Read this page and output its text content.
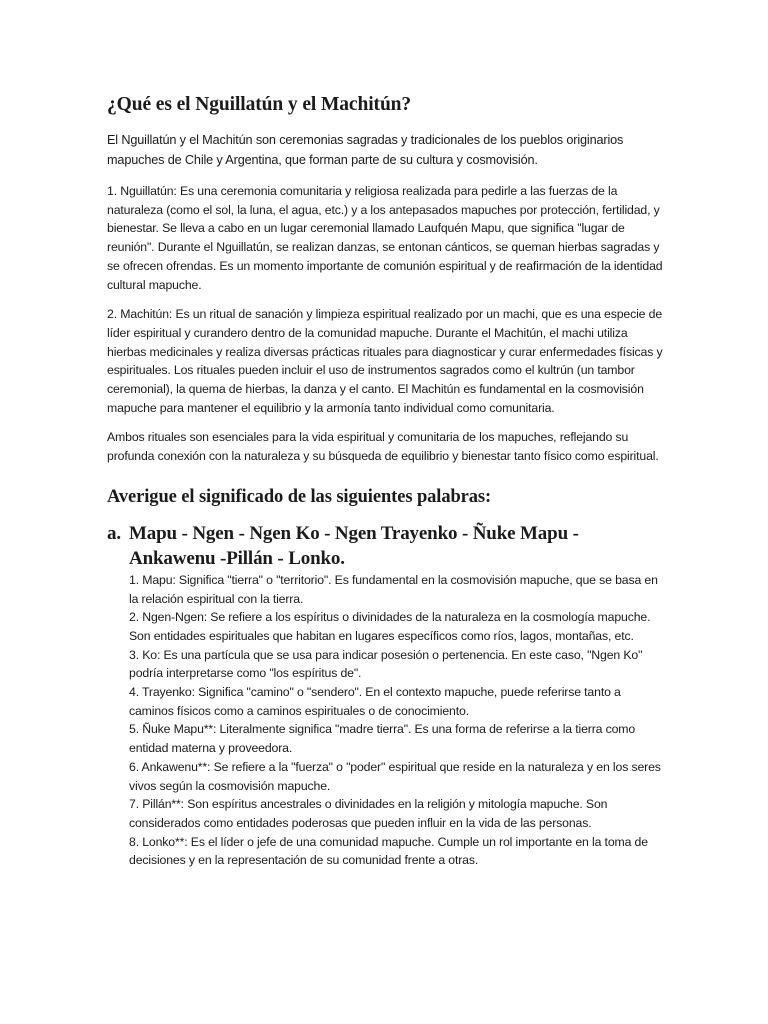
¿Qué es el Nguillatún y el Machitún?

El Nguillatún y el Machitún son ceremonias sagradas y tradicionales de los pueblos originarios mapuches de Chile y Argentina, que forman parte de su cultura y cosmovisión.

1. Nguillatún: Es una ceremonia comunitaria y religiosa realizada para pedirle a las fuerzas de la naturaleza (como el sol, la luna, el agua, etc.) y a los antepasados mapuches por protección, fertilidad, y bienestar. Se lleva a cabo en un lugar ceremonial llamado Laufquén Mapu, que significa "lugar de reunión". Durante el Nguillatún, se realizan danzas, se entonan cánticos, se queman hierbas sagradas y se ofrecen ofrendas. Es un momento importante de comunión espiritual y de reafirmación de la identidad cultural mapuche.

2. Machitún: Es un ritual de sanación y limpieza espiritual realizado por un machi, que es una especie de líder espiritual y curandero dentro de la comunidad mapuche. Durante el Machitún, el machi utiliza hierbas medicinales y realiza diversas prácticas rituales para diagnosticar y curar enfermedades físicas y espirituales. Los rituales pueden incluir el uso de instrumentos sagrados como el kultrún (un tambor ceremonial), la quema de hierbas, la danza y el canto. El Machitún es fundamental en la cosmovisión mapuche para mantener el equilibrio y la armonía tanto individual como comunitaria.

Ambos rituales son esenciales para la vida espiritual y comunitaria de los mapuches, reflejando su profunda conexión con la naturaleza y su búsqueda de equilibrio y bienestar tanto físico como espiritual.

Averigue el significado de las siguientes palabras:
a. Mapu - Ngen - Ngen Ko - Ngen Trayenko - Ñuke Mapu - Ankawenu -Pillán - Lonko.
1. Mapu: Significa "tierra" o "territorio". Es fundamental en la cosmovisión mapuche, que se basa en la relación espiritual con la tierra.
2. Ngen-Ngen: Se refiere a los espíritus o divinidades de la naturaleza en la cosmología mapuche. Son entidades espirituales que habitan en lugares específicos como ríos, lagos, montañas, etc.
3. Ko: Es una partícula que se usa para indicar posesión o pertenencia. En este caso, "Ngen Ko" podría interpretarse como "los espíritus de".
4. Trayenko: Significa "camino" o "sendero". En el contexto mapuche, puede referirse tanto a caminos físicos como a caminos espirituales o de conocimiento.
5. Ñuke Mapu**: Literalmente significa "madre tierra". Es una forma de referirse a la tierra como entidad materna y proveedora.
6. Ankawenu**: Se refiere a la "fuerza" o "poder" espiritual que reside en la naturaleza y en los seres vivos según la cosmovisión mapuche.
7. Pillán**: Son espíritus ancestrales o divinidades en la religión y mitología mapuche. Son considerados como entidades poderosas que pueden influir en la vida de las personas.
8. Lonko**: Es el líder o jefe de una comunidad mapuche. Cumple un rol importante en la toma de decisiones y en la representación de su comunidad frente a otras.
